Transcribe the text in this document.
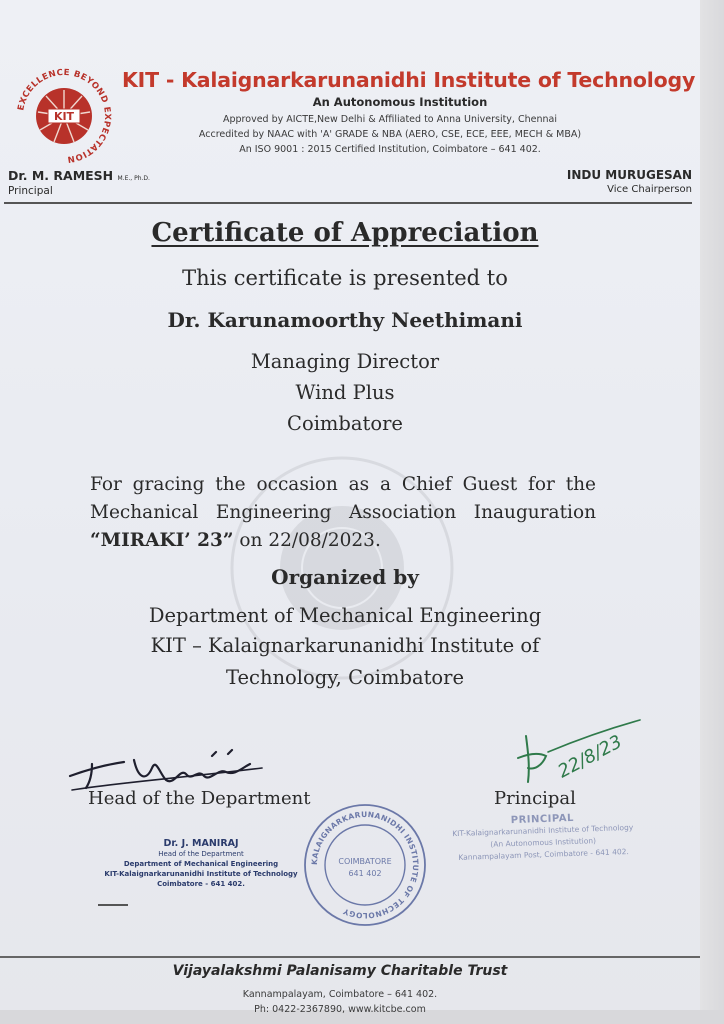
KIT
EXCELLENCE BEYOND EXPECTATION
KIT - Kalaignarkarunanidhi Institute of Technology
An Autonomous Institution
Approved by AICTE,New Delhi & Affiliated to Anna University, Chennai
Accredited by NAAC with 'A' GRADE & NBA (AERO, CSE, ECE, EEE, MECH & MBA)
An ISO 9001 : 2015 Certified Institution, Coimbatore – 641 402.
Dr. M. RAMESH M.E., Ph.D.
Principal
INDU MURUGESAN
Vice Chairperson
Certificate of Appreciation
This certificate is presented to
Dr. Karunamoorthy Neethimani
Managing Director
Wind Plus
Coimbatore
For gracing the occasion as a Chief Guest for the
Mechanical Engineering Association Inauguration
“MIRAKI’ 23” on 22/08/2023.
Organized by
Department of Mechanical Engineering
KIT – Kalaignarkarunanidhi Institute of
Technology, Coimbatore
Head of the Department
22/8/23
Principal
Dr. J. MANIRAJ
Head of the Department
Department of Mechanical Engineering
KIT-Kalaignarkarunanidhi Institute of Technology
Coimbatore - 641 402.
KALAIGNARKARUNANIDHI INSTITUTE OF TECHNOLOGY
COIMBATORE
641 402
PRINCIPAL
KIT-Kalaignarkarunanidhi Institute of Technology
(An Autonomous Institution)
Kannampalayam Post, Coimbatore - 641 402.
Vijayalakshmi Palanisamy Charitable Trust
Kannampalayam, Coimbatore – 641 402.
Ph: 0422-2367890, www.kitcbe.com
